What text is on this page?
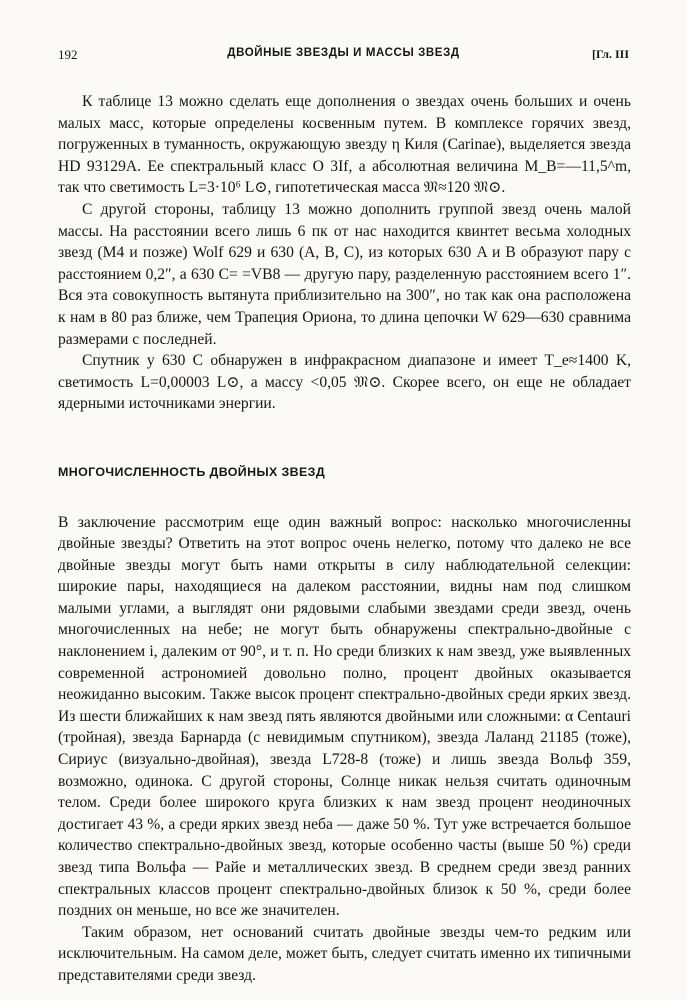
192	ДВОЙНЫЕ ЗВЕЗДЫ И МАССЫ ЗВЕЗД	[Гл. III

К таблице 13 можно сделать еще дополнения о звездах очень больших и очень малых масс, которые определены косвенным путем. В комплексе горячих звезд, погруженных в туманность, окружающую звезду η Киля (Carinae), выделяется звезда HD 93129A. Ее спектральный класс O 3If, а абсолютная величина M_B=—11,5^m, так что светимость L=3·10⁶ L⊙, гипотетическая масса 𝔐≈120 𝔐⊙.

С другой стороны, таблицу 13 можно дополнить группой звезд очень малой массы. На расстоянии всего лишь 6 пк от нас находится квинтет весьма холодных звезд (М4 и позже) Wolf 629 и 630 (A, B, C), из которых 630 A и B образуют пару с расстоянием 0,2″, а 630 C= =VB8 — другую пару, разделенную расстоянием всего 1″. Вся эта совокупность вытянута приблизительно на 300″, но так как она расположена к нам в 80 раз ближе, чем Трапеция Ориона, то длина цепочки W 629—630 сравнима размерами с последней.

Спутник у 630 C обнаружен в инфракрасном диапазоне и имеет T_e≈1400 K, светимость L=0,00003 L⊙, а массу <0,05 𝔐⊙. Скорее всего, он еще не обладает ядерными источниками энергии.

МНОГОЧИСЛЕННОСТЬ ДВОЙНЫХ ЗВЕЗД

В заключение рассмотрим еще один важный вопрос: насколько многочисленны двойные звезды? Ответить на этот вопрос очень нелегко, потому что далеко не все двойные звезды могут быть нами открыты в силу наблюдательной селекции: широкие пары, находящиеся на далеком расстоянии, видны нам под слишком малыми углами, а выглядят они рядовыми слабыми звездами среди звезд, очень многочисленных на небе; не могут быть обнаружены спектрально-двойные с наклонением i, далеким от 90°, и т. п. Но среди близких к нам звезд, уже выявленных современной астрономией довольно полно, процент двойных оказывается неожиданно высоким. Также высок процент спектрально-двойных среди ярких звезд. Из шести ближайших к нам звезд пять являются двойными или сложными: α Centauri (тройная), звезда Барнарда (с невидимым спутником), звезда Лаланд 21185 (тоже), Сириус (визуально-двойная), звезда L728-8 (тоже) и лишь звезда Вольф 359, возможно, одинока. С другой стороны, Солнце никак нельзя считать одиночным телом. Среди более широкого круга близких к нам звезд процент неодиночных достигает 43 %, а среди ярких звезд неба — даже 50 %. Тут уже встречается большое количество спектрально-двойных звезд, которые особенно часты (выше 50 %) среди звезд типа Вольфа — Райе и металлических звезд. В среднем среди звезд ранних спектральных классов процент спектрально-двойных близок к 50 %, среди более поздних он меньше, но все же значителен.

Таким образом, нет оснований считать двойные звезды чем-то редким или исключительным. На самом деле, может быть, следует считать именно их типичными представителями среди звезд.
